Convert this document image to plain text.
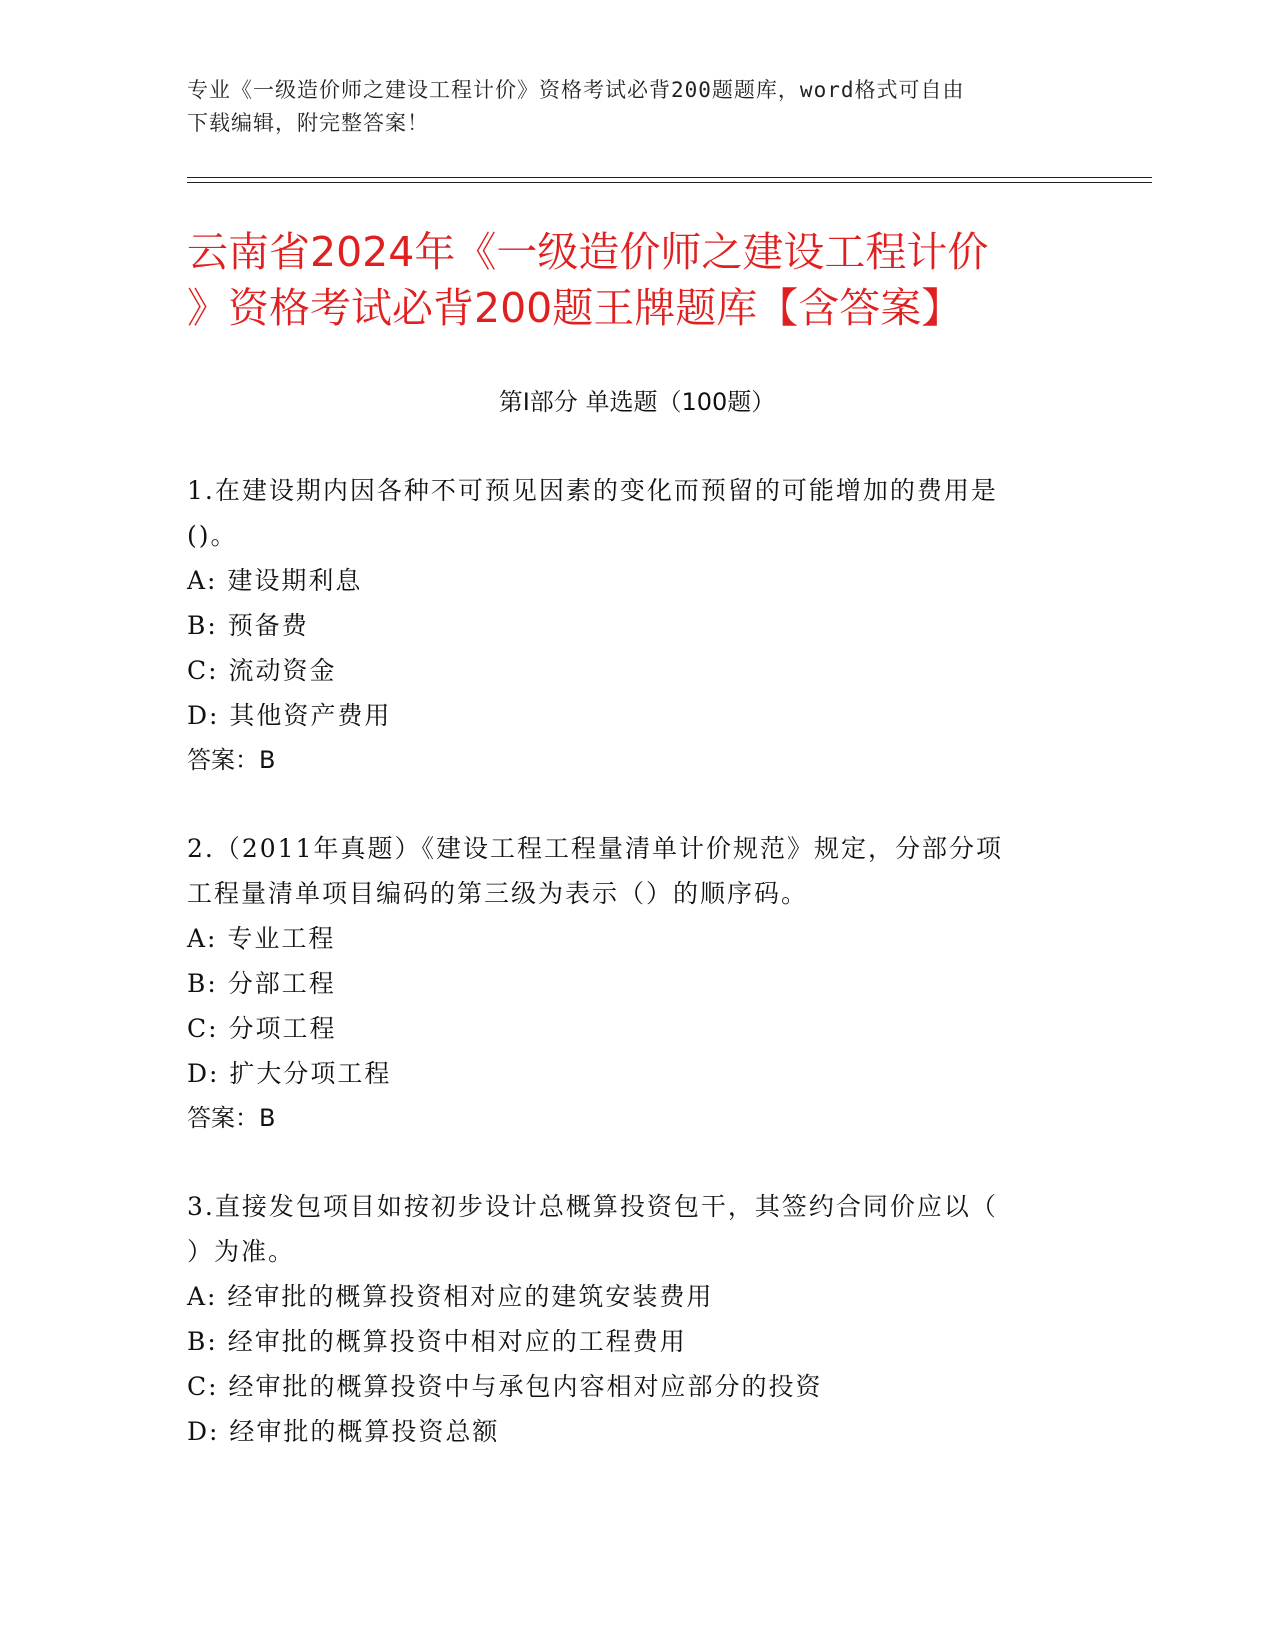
专业《一级造价师之建设工程计价》资格考试必背200题题库，word格式可自由
下载编辑，附完整答案！
云南省2024年《一级造价师之建设工程计价
》资格考试必背200题王牌题库【含答案】
第Ⅰ部分 单选题（100题）

1.在建设期内因各种不可预见因素的变化而预留的可能增加的费用是

()。

A: 建设期利息

B: 预备费

C: 流动资金

D: 其他资产费用

答案：B

2.（2011年真题）《建设工程工程量清单计价规范》规定，分部分项

工程量清单项目编码的第三级为表示（）的顺序码。

A: 专业工程

B: 分部工程

C: 分项工程

D: 扩大分项工程

答案：B

3.直接发包项目如按初步设计总概算投资包干，其签约合同价应以（

）为准。

A: 经审批的概算投资相对应的建筑安装费用

B: 经审批的概算投资中相对应的工程费用

C: 经审批的概算投资中与承包内容相对应部分的投资

D: 经审批的概算投资总额
